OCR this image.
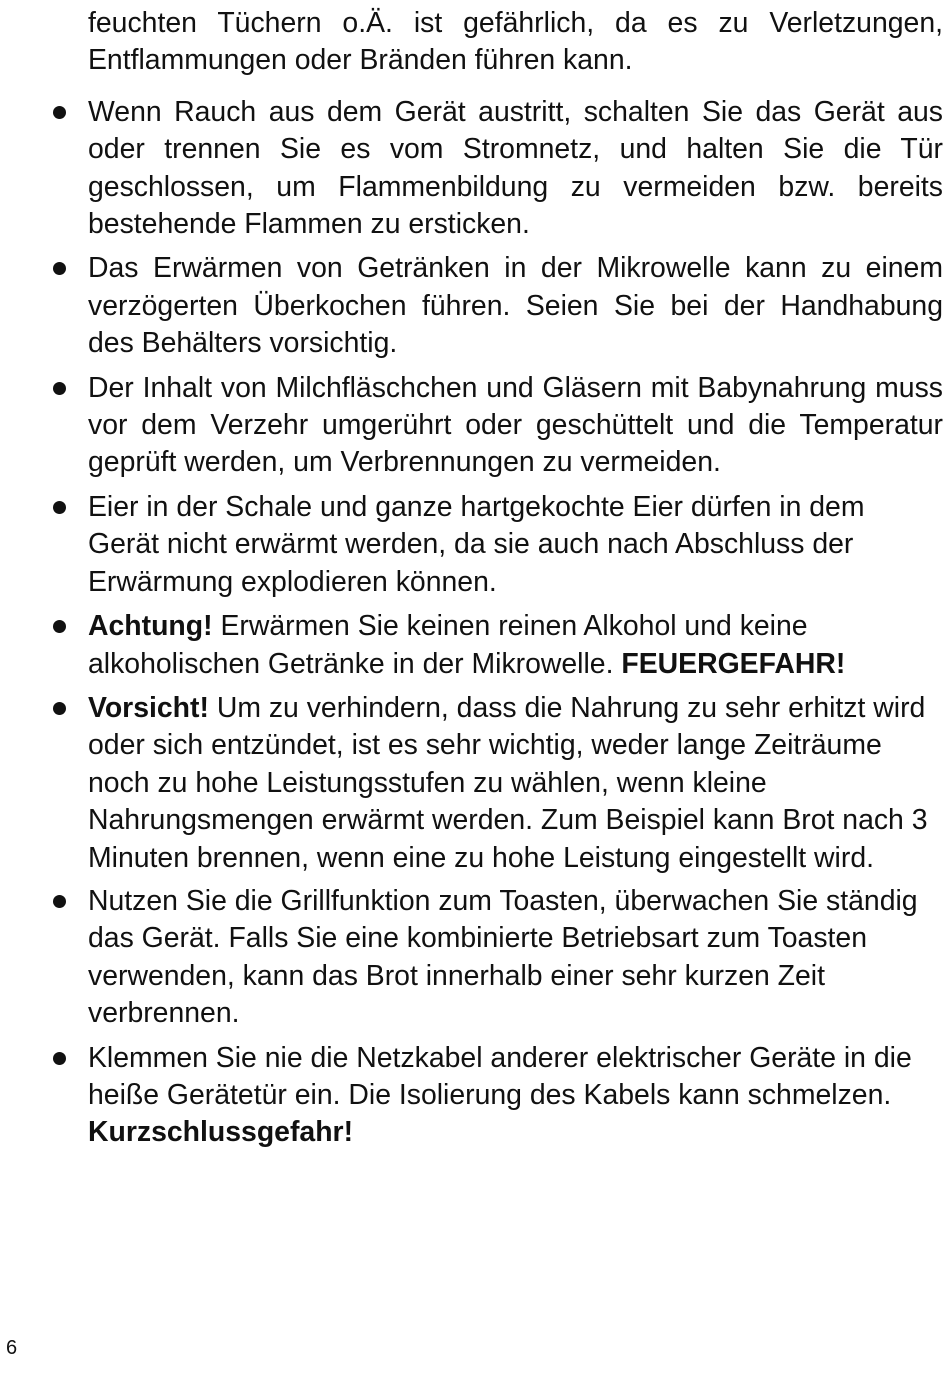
feuchten Tüchern o.Ä. ist gefährlich, da es zu Verletzungen, Entflammungen oder Bränden führen kann.

Wenn Rauch aus dem Gerät austritt, schalten Sie das Gerät aus oder trennen Sie es vom Stromnetz, und halten Sie die Tür geschlossen, um Flammenbildung zu vermeiden bzw. bereits bestehende Flammen zu ersticken.
Das Erwärmen von Getränken in der Mikrowelle kann zu einem verzögerten Überkochen führen. Seien Sie bei der Handhabung des Behälters vorsichtig.
Der Inhalt von Milchfläschchen und Gläsern mit Babynahrung muss vor dem Verzehr umgerührt oder geschüttelt und die Temperatur geprüft werden, um Verbrennungen zu vermeiden.
Eier in der Schale und ganze hartgekochte Eier dürfen in dem Gerät nicht erwärmt werden, da sie auch nach Abschluss der Erwärmung explodieren können.
Achtung! Erwärmen Sie keinen reinen Alkohol und keine alkoholischen Getränke in der Mikrowelle. FEUERGEFAHR!
Vorsicht! Um zu verhindern, dass die Nahrung zu sehr erhitzt wird oder sich entzündet, ist es sehr wichtig, weder lange Zeiträume noch zu hohe Leistungsstufen zu wählen, wenn kleine Nahrungsmengen erwärmt werden. Zum Beispiel kann Brot nach 3 Minuten brennen, wenn eine zu hohe Leistung eingestellt wird.
Nutzen Sie die Grillfunktion zum Toasten, überwachen Sie ständig das Gerät. Falls Sie eine kombinierte Betriebsart zum Toasten verwenden, kann das Brot innerhalb einer sehr kurzen Zeit verbrennen.
Klemmen Sie nie die Netzkabel anderer elektrischer Geräte in die heiße Gerätetür ein. Die Isolierung des Kabels kann schmelzen. Kurzschlussgefahr!
6
